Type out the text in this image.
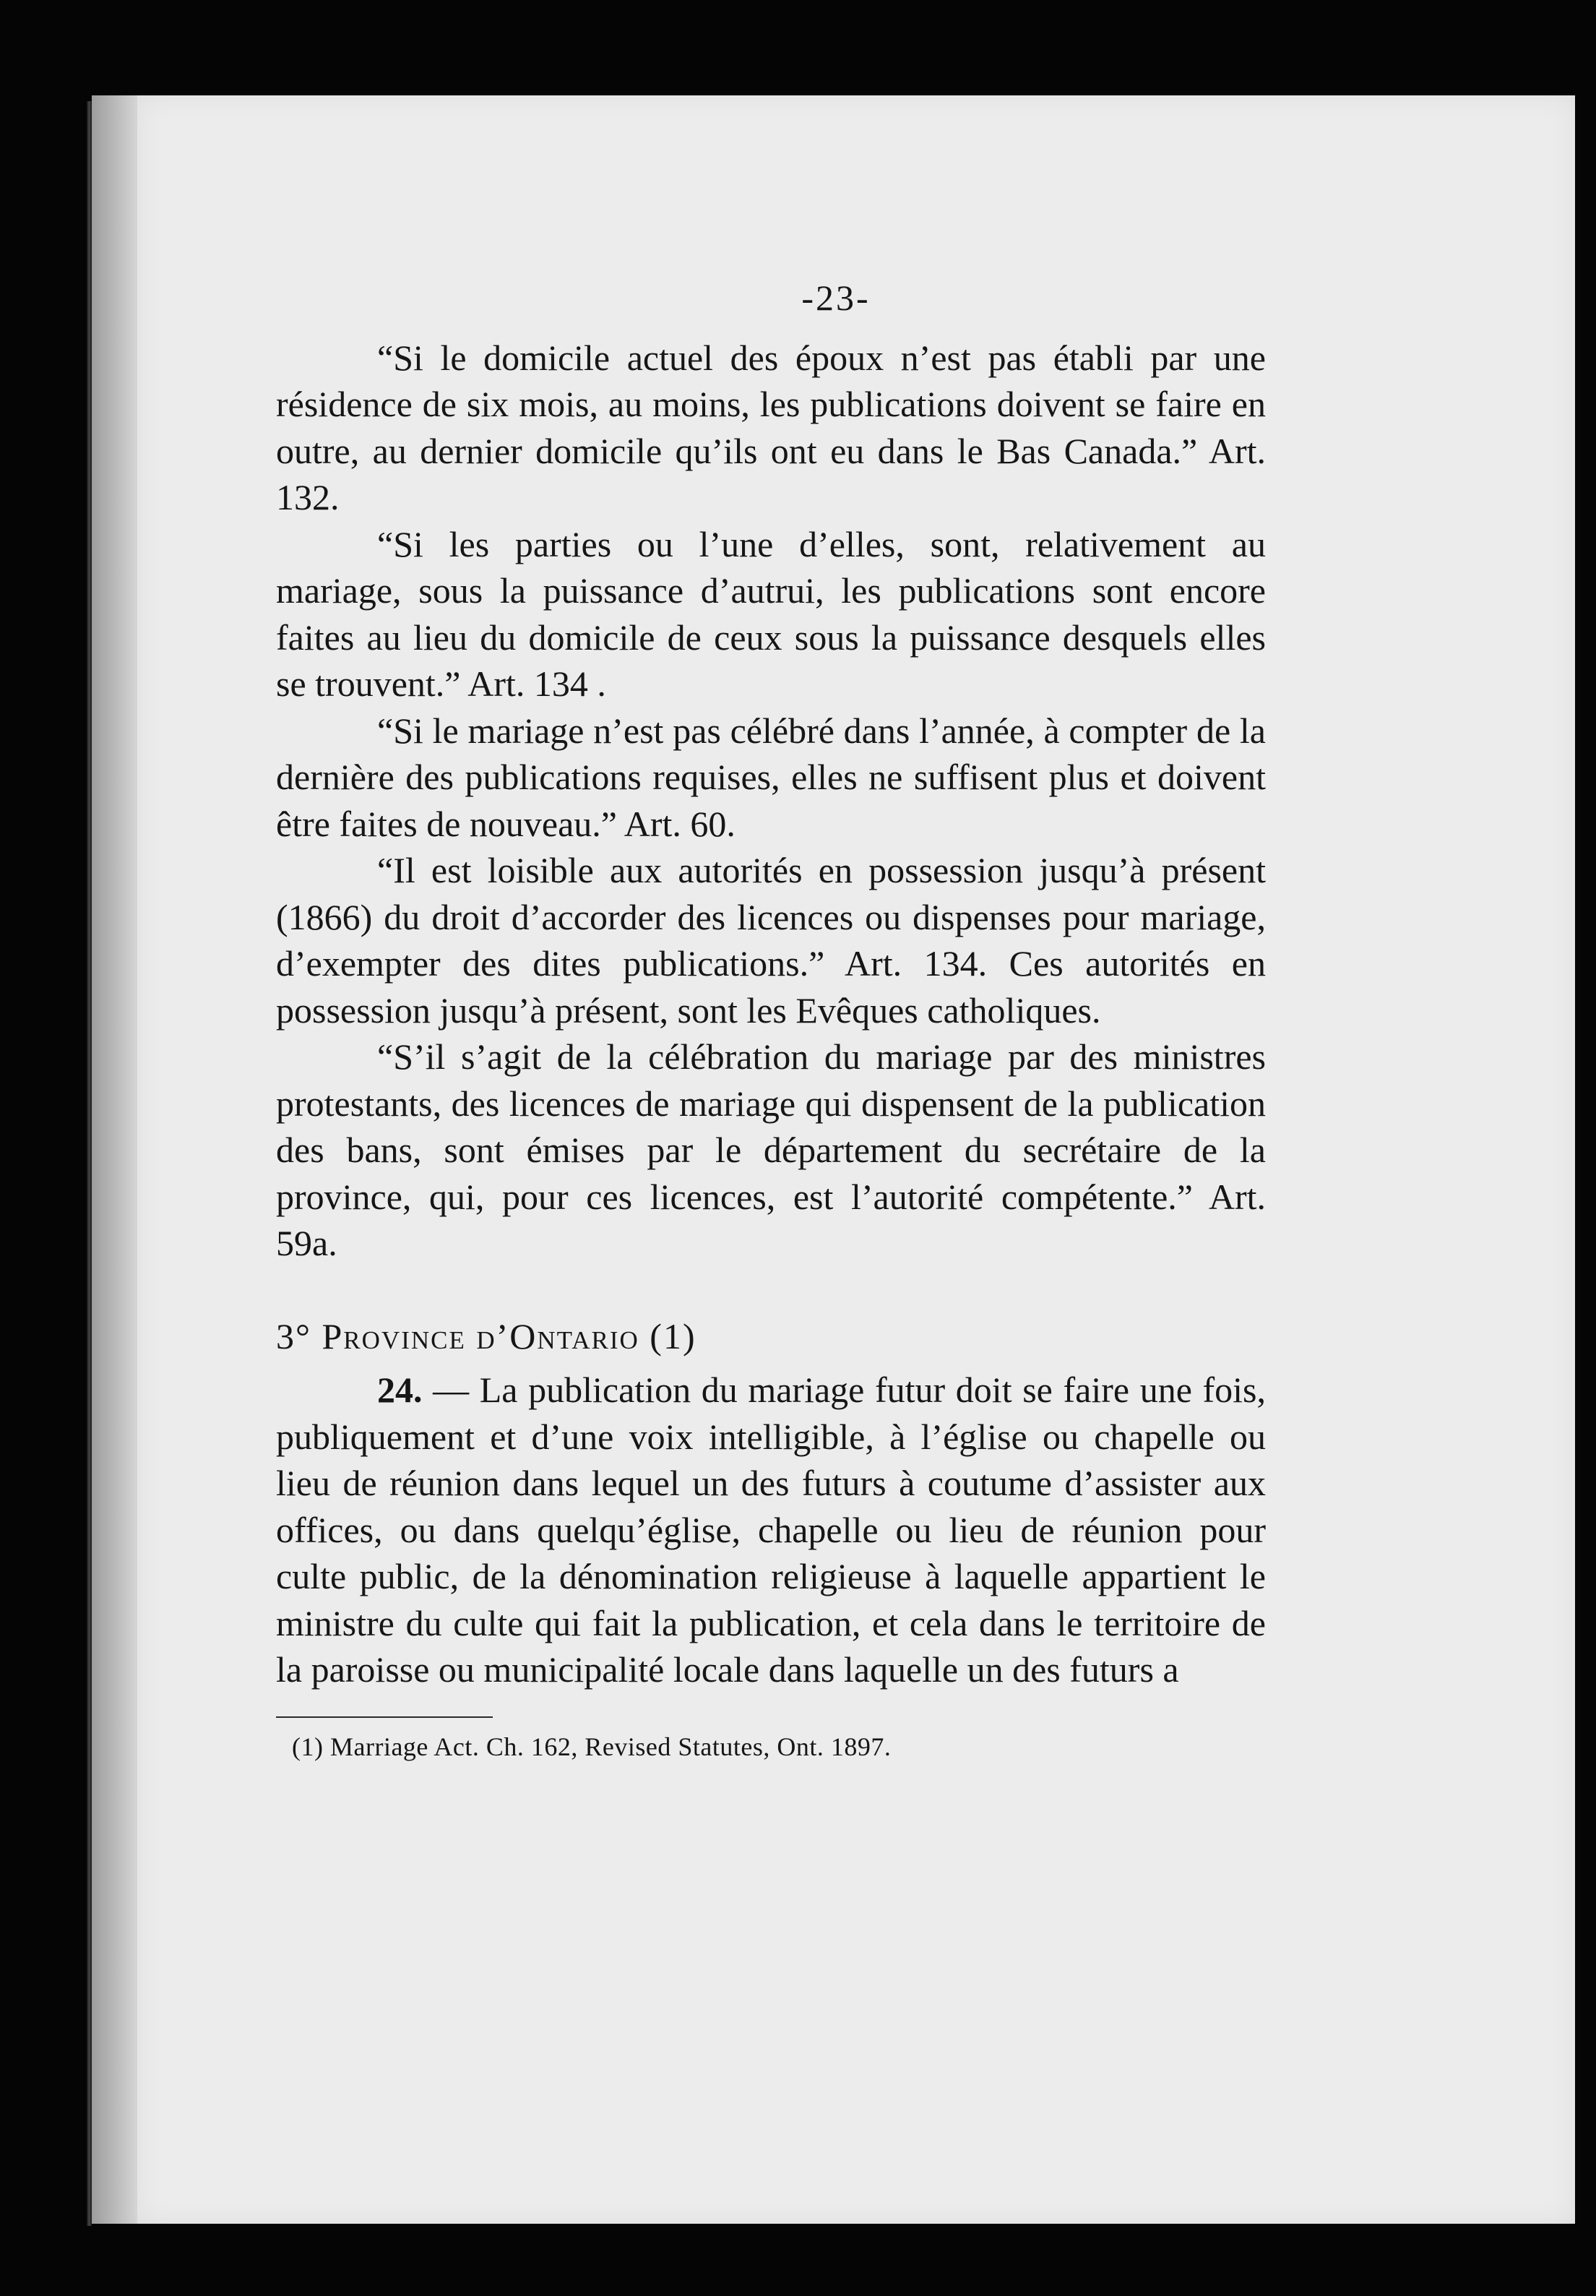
-23-

“Si le domicile actuel des époux n’est pas établi par une résidence de six mois, au moins, les publications doivent se faire en outre, au dernier domicile qu’ils ont eu dans le Bas Canada.” Art. 132.

“Si les parties ou l’une d’elles, sont, relativement au mariage, sous la puissance d’autrui, les publications sont encore faites au lieu du domicile de ceux sous la puissance desquels elles se trouvent.” Art. 134 .

“Si le mariage n’est pas célébré dans l’année, à compter de la dernière des publications requises, elles ne suffisent plus et doivent être faites de nouveau.” Art. 60.

“Il est loisible aux autorités en possession jusqu’à présent (1866) du droit d’accorder des licences ou dispenses pour mariage, d’exempter des dites publications.” Art. 134. Ces autorités en possession jusqu’à présent, sont les Evêques catholiques.

“S’il s’agit de la célébration du mariage par des ministres protestants, des licences de mariage qui dispensent de la publication des bans, sont émises par le département du secrétaire de la province, qui, pour ces licences, est l’autorité compétente.” Art. 59a.

3° Province d’Ontario (1)

24. — La publication du mariage futur doit se faire une fois, publiquement et d’une voix intelligible, à l’église ou chapelle ou lieu de réunion dans lequel un des futurs à coutume d’assister aux offices, ou dans quelqu’église, chapelle ou lieu de réunion pour culte public, de la dénomination religieuse à laquelle appartient le ministre du culte qui fait la publication, et cela dans le territoire de la paroisse ou municipalité locale dans laquelle un des futurs a

(1) Marriage Act. Ch. 162, Revised Statutes, Ont. 1897.
